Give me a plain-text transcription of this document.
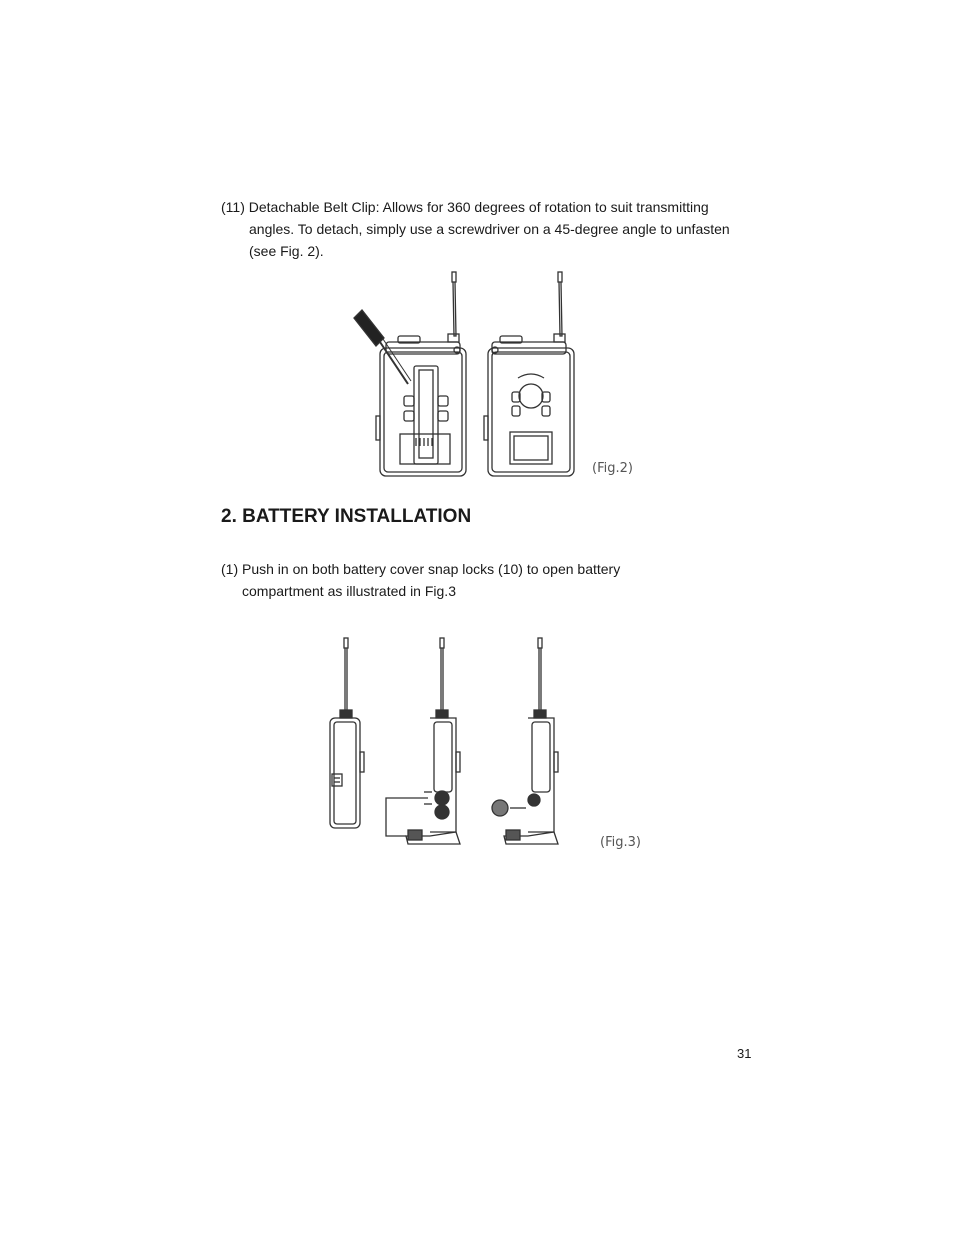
(11) Detachable Belt Clip: Allows for 360 degrees of rotation to suit transmitting
angles. To detach, simply use a screwdriver on a 45-degree angle to unfasten
(see Fig. 2).
(Fig.2)
2. BATTERY INSTALLATION
(1) Push in on both battery cover snap locks (10) to open battery
compartment as illustrated in Fig.3
(Fig.3)
31
